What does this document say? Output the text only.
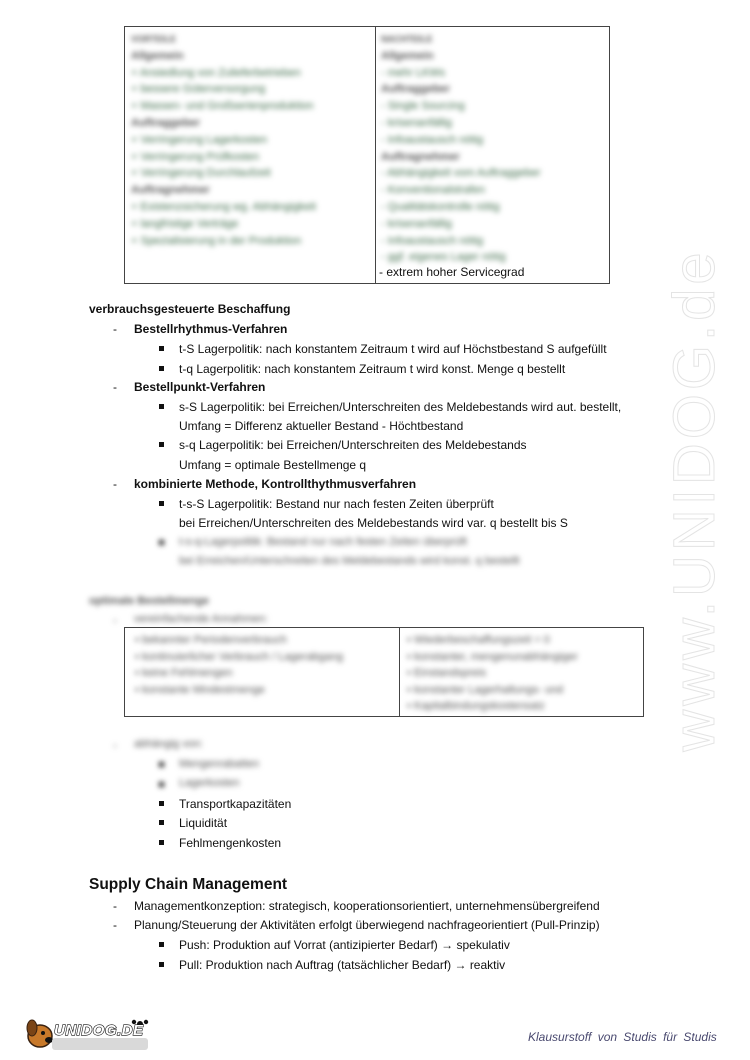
www.UNIDOG.de
VORTEILE
Allgemein
+ Ansiedlung von Zulieferbetrieben
+ bessere Güterversorgung
+ Massen- und Großserienproduktion
Auftraggeber
+ Verringerung Lagerkosten
+ Verringerung Prüfkosten
+ Verringerung Durchlaufzeit
Auftragnehmer
+ Existenzsicherung wg. Abhängigkeit
+ langfristige Verträge
+ Spezialisierung in der Produktion
NACHTEILE
Allgemein
- mehr LKWs
Auftraggeber
- Single Sourcing
- krisenanfällig
- Infoaustausch nötig
Auftragnehmer
- Abhängigkeit vom Auftraggeber
- Konventionalstrafen
- Qualitätskontrolle nötig
- krisenanfällig
- Infoaustausch nötig
- ggf. eigenes Lager nötig
- extrem hoher Servicegrad
verbrauchsgesteuerte Beschaffung
- Bestellrhythmus-Verfahren
t-S Lagerpolitik: nach konstantem Zeitraum t wird auf Höchstbestand S aufgefüllt
t-q Lagerpolitik: nach konstantem Zeitraum t wird konst. Menge q bestellt
- Bestellpunkt-Verfahren
s-S Lagerpolitik: bei Erreichen/Unterschreiten des Meldebestands wird aut. bestellt,
Umfang = Differenz aktueller Bestand - Höchtbestand
s-q Lagerpolitik: bei Erreichen/Unterschreiten des Meldebestands
Umfang = optimale Bestellmenge q
- kombinierte Methode, Kontrollthythmusverfahren
t-s-S Lagerpolitik: Bestand nur nach festen Zeiten überprüft
bei Erreichen/Unterschreiten des Meldebestands wird var. q bestellt bis S
t-s-q-Lagerpolitik: Bestand nur nach festen Zeiten überprüft
bei Erreichen/Unterschreiten des Meldebestands wird konst. q bestellt
optimale Bestellmenge
- vereinfachende Annahmen:
▪ bekannter Periodenverbrauch
▪ kontinuierlicher Verbrauch / Lagerabgang
▪ keine Fehlmengen
▪ konstante Mindestmenge
▪ Wiederbeschaffungszeit = 0
▪ konstanter, mengenunabhängiger
▪ Einstandspreis
▪ konstanter Lagerhaltungs- und
▪ Kapitalbindungskostensatz
- abhängig von:
Mengenrabatten
Lagerkosten
Transportkapazitäten
Liquidität
Fehlmengenkosten
Supply Chain Management
- Managementkonzeption: strategisch, kooperationsorientiert, unternehmensübergreifend
- Planung/Steuerung der Aktivitäten erfolgt überwiegend nachfrageorientiert (Pull-Prinzip)
Push: Produktion auf Vorrat (antizipierter Bedarf) → spekulativ
Pull: Produktion nach Auftrag (tatsächlicher Bedarf) → reaktiv
UNIDOG.DE	Klausurstoff von Studis für Studis
